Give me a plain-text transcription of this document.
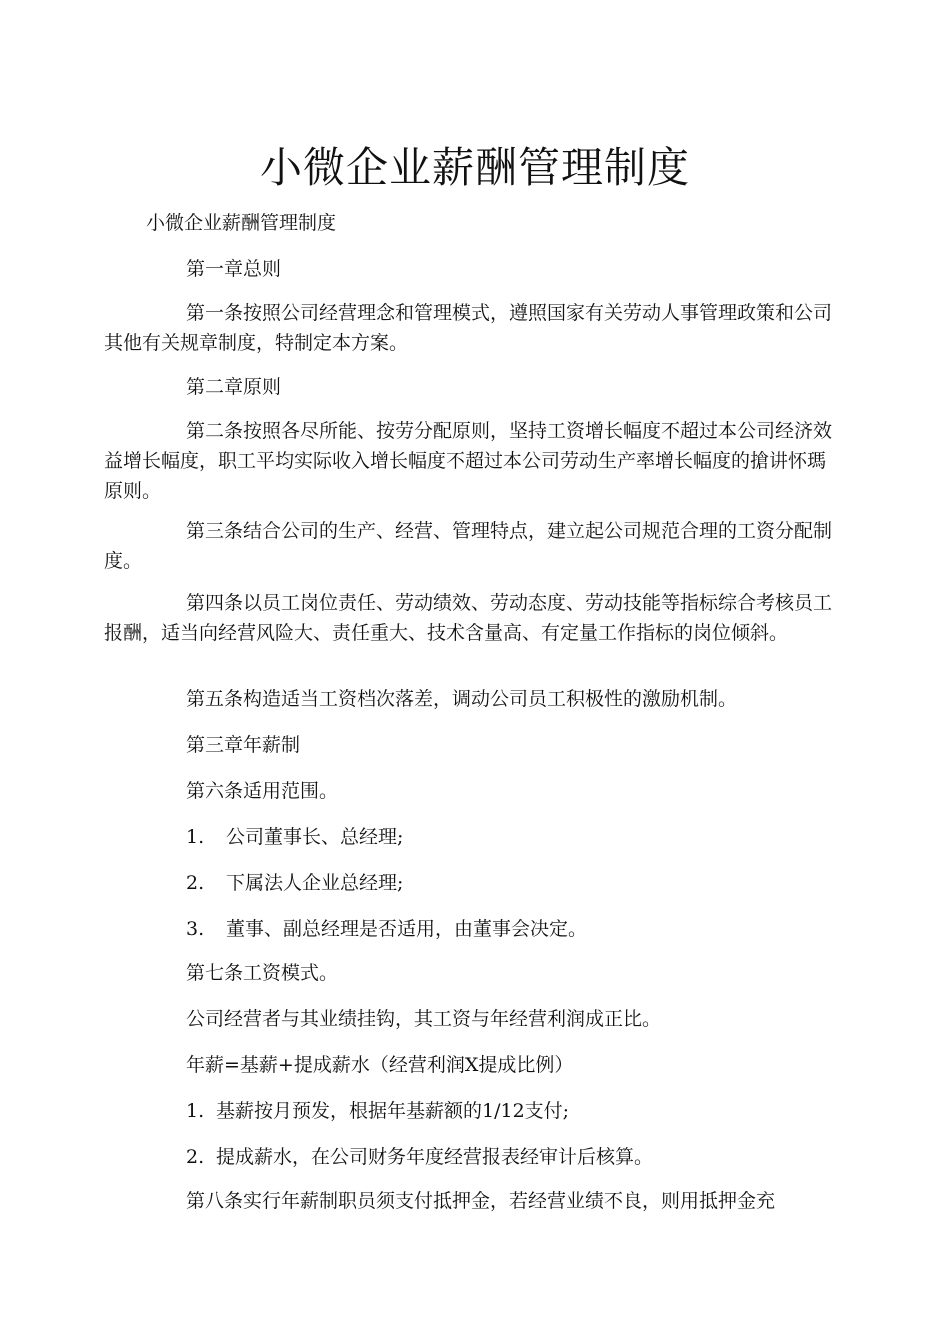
小微企业薪酬管理制度

小微企业薪酬管理制度

第一章总则

第一条按照公司经营理念和管理模式，遵照国家有关劳动人事管理政策和公司其他有关规章制度，特制定本方案。

第二章原则

第二条按照各尽所能、按劳分配原则，坚持工资增长幅度不超过本公司经济效益增长幅度，职工平均实际收入增长幅度不超过本公司劳动生产率增长幅度的搶讲怀瑪原则。

第三条结合公司的生产、经营、管理特点，建立起公司规范合理的工资分配制度。

第四条以员工岗位责任、劳动绩效、劳动态度、劳动技能等指标综合考核员工报酬，适当向经营风险大、责任重大、技术含量高、有定量工作指标的岗位倾斜。

第五条构造适当工资档次落差，调动公司员工积极性的激励机制。

第三章年薪制

第六条适用范围。

1. 公司董事长、总经理;

2. 下属法人企业总经理;

3. 董事、副总经理是否适用，由董事会决定。

第七条工资模式。

公司经营者与其业绩挂钩，其工资与年经营利润成正比。

年薪=基薪+提成薪水（经营利润X提成比例）

1. 基薪按月预发，根据年基薪额的1/12支付;

2. 提成薪水，在公司财务年度经营报表经审计后核算。

第八条实行年薪制职员须支付抵押金，若经营业绩不良，则用抵押金充
